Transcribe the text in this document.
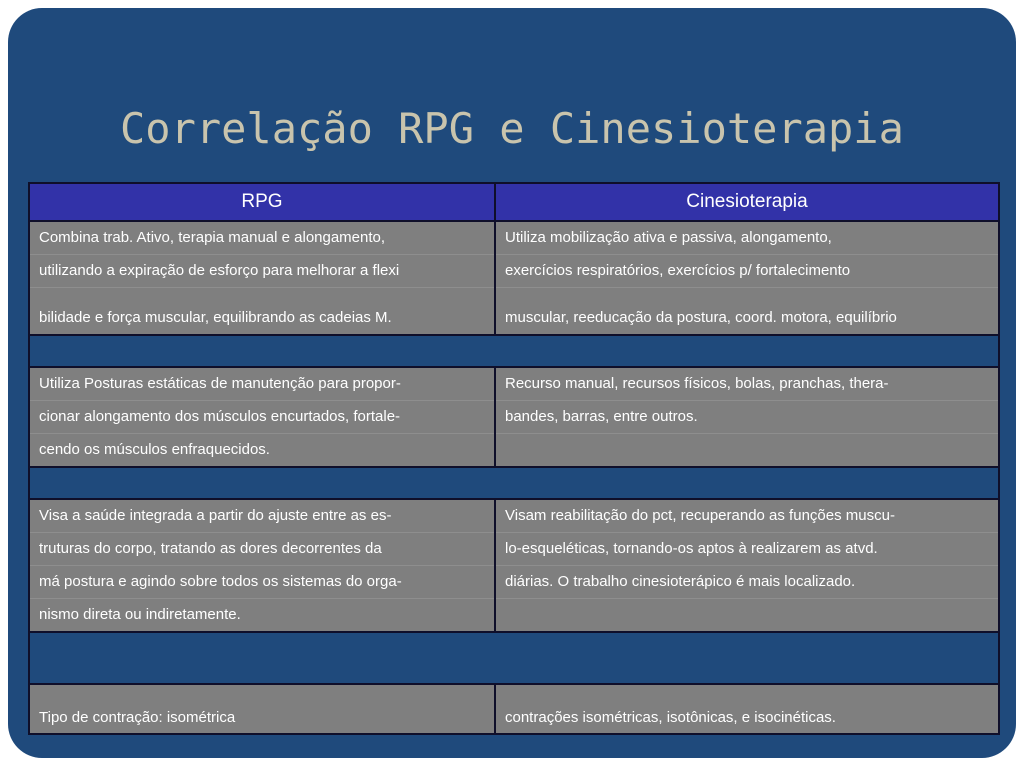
Correlação RPG e Cinesioterapia
RPG	Cinesioterapia
Combina trab. Ativo, terapia manual e alongamento,
utilizando a expiração de esforço para melhorar a flexi
bilidade e força muscular, equilibrando as cadeias M.
Utiliza mobilização ativa e passiva, alongamento,
exercícios respiratórios, exercícios p/ fortalecimento
muscular, reeducação da postura, coord. motora, equilíbrio
Utiliza Posturas estáticas de manutenção para propor-
cionar alongamento dos músculos encurtados, fortale-
cendo os músculos enfraquecidos.
Recurso manual, recursos físicos, bolas, pranchas, thera-
bandes, barras, entre outros.
Visa a saúde integrada a partir do ajuste entre as es-
truturas do corpo, tratando as dores decorrentes da
má postura e agindo sobre todos os sistemas do orga-
nismo direta ou indiretamente.
Visam reabilitação do pct, recuperando as funções muscu-
lo-esqueléticas, tornando-os aptos à realizarem as atvd.
diárias. O trabalho cinesioterápico é mais localizado.
Tipo de contração: isométrica	contrações isométricas, isotônicas, e isocinéticas.
